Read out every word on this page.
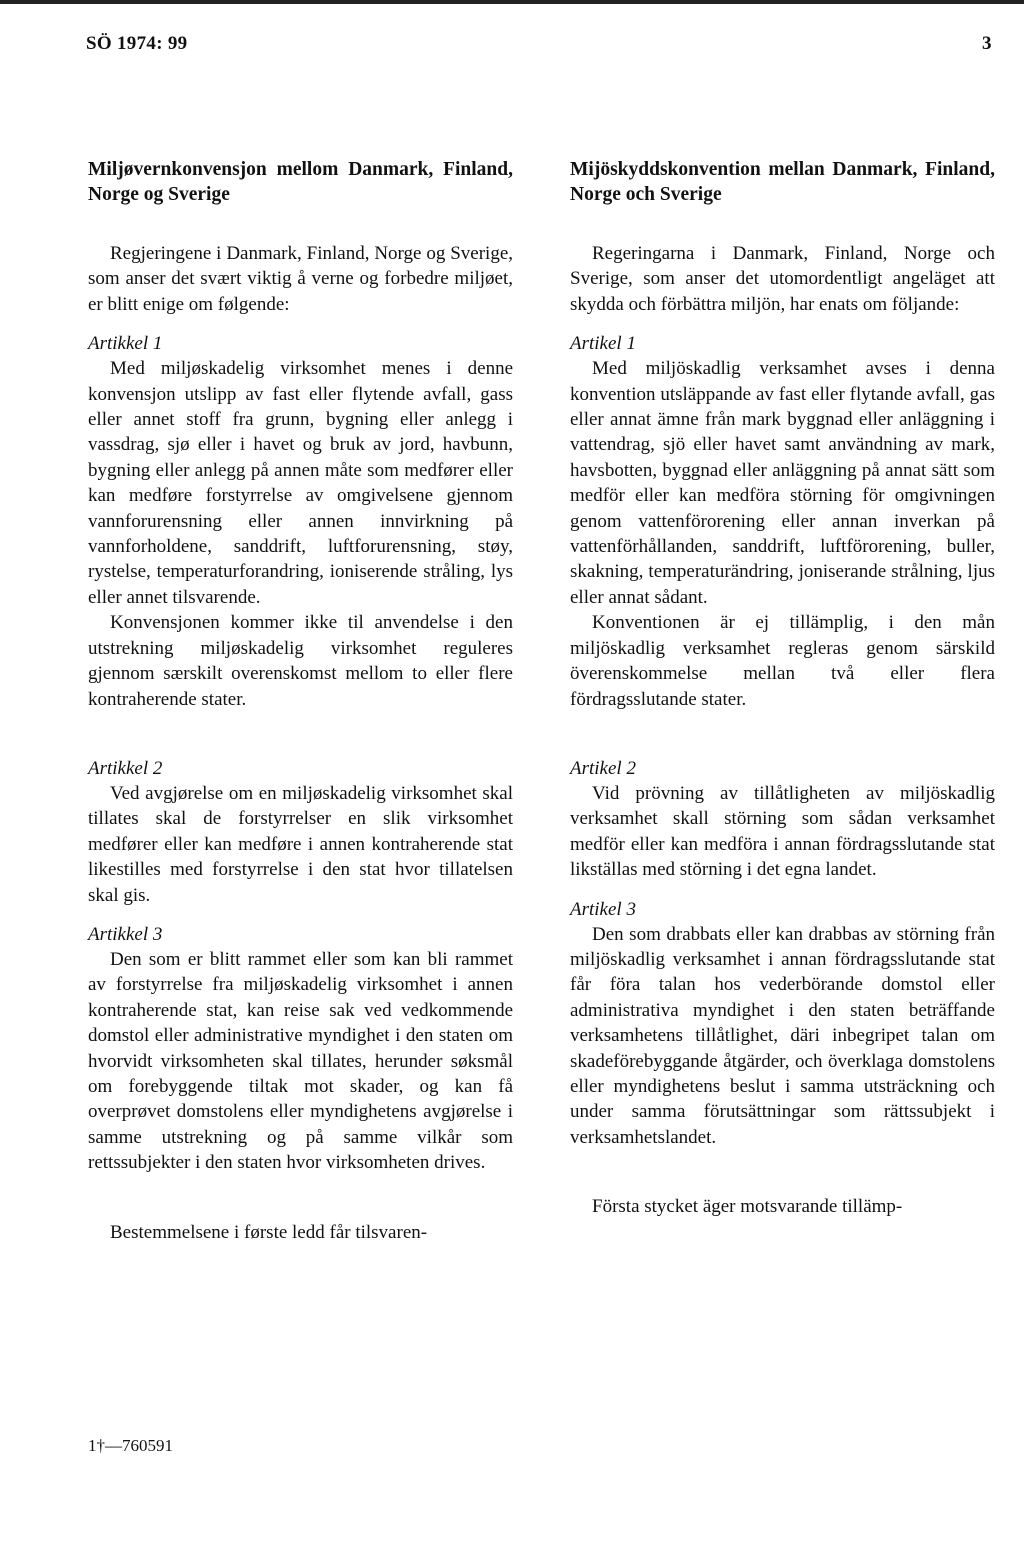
SÖ 1974: 99	3
Miljøvernkonvensjon mellom Danmark, Finland, Norge og Sverige

Regjeringene i Danmark, Finland, Norge og Sverige, som anser det svært viktig å verne og forbedre miljøet, er blitt enige om følgende:

Artikkel 1

Med miljøskadelig virksomhet menes i denne konvensjon utslipp av fast eller flytende avfall, gass eller annet stoff fra grunn, bygning eller anlegg i vassdrag, sjø eller i havet og bruk av jord, havbunn, bygning eller anlegg på annen måte som medfører eller kan medføre forstyrrelse av omgivelsene gjennom vannforurensning eller annen innvirkning på vannforholdene, sanddrift, luftforurensning, støy, rystelse, temperaturforandring, ioniserende stråling, lys eller annet tilsvarende.

Konvensjonen kommer ikke til anvendelse i den utstrekning miljøskadelig virksomhet reguleres gjennom særskilt overenskomst mellom to eller flere kontraherende stater.

Artikkel 2

Ved avgjørelse om en miljøskadelig virksomhet skal tillates skal de forstyrrelser en slik virksomhet medfører eller kan medføre i annen kontraherende stat likestilles med forstyrrelse i den stat hvor tillatelsen skal gis.

Artikkel 3

Den som er blitt rammet eller som kan bli rammet av forstyrrelse fra miljøskadelig virksomhet i annen kontraherende stat, kan reise sak ved vedkommende domstol eller administrative myndighet i den staten om hvorvidt virksomheten skal tillates, herunder søksmål om forebyggende tiltak mot skader, og kan få overprøvet domstolens eller myndighetens avgjørelse i samme utstrekning og på samme vilkår som rettssubjekter i den staten hvor virksomheten drives.

Bestemmelsene i første ledd får tilsvaren-

Mijöskyddskonvention mellan Danmark, Finland, Norge och Sverige

Regeringarna i Danmark, Finland, Norge och Sverige, som anser det utomordentligt angeläget att skydda och förbättra miljön, har enats om följande:

Artikel 1

Med miljöskadlig verksamhet avses i denna konvention utsläppande av fast eller flytande avfall, gas eller annat ämne från mark byggnad eller anläggning i vattendrag, sjö eller havet samt användning av mark, havsbotten, byggnad eller anläggning på annat sätt som medför eller kan medföra störning för omgivningen genom vattenförorening eller annan inverkan på vattenförhållanden, sanddrift, luftförorening, buller, skakning, temperaturändring, joniserande strålning, ljus eller annat sådant.

Konventionen är ej tillämplig, i den mån miljöskadlig verksamhet regleras genom särskild överenskommelse mellan två eller flera fördragsslutande stater.

Artikel 2

Vid prövning av tillåtligheten av miljöskadlig verksamhet skall störning som sådan verksamhet medför eller kan medföra i annan fördragsslutande stat likställas med störning i det egna landet.

Artikel 3

Den som drabbats eller kan drabbas av störning från miljöskadlig verksamhet i annan fördragsslutande stat får föra talan hos vederbörande domstol eller administrativa myndighet i den staten beträffande verksamhetens tillåtlighet, däri inbegripet talan om skadeförebyggande åtgärder, och överklaga domstolens eller myndighetens beslut i samma utsträckning och under samma förutsättningar som rättssubjekt i verksamhetslandet.

Första stycket äger motsvarande tillämp-

1†—760591
